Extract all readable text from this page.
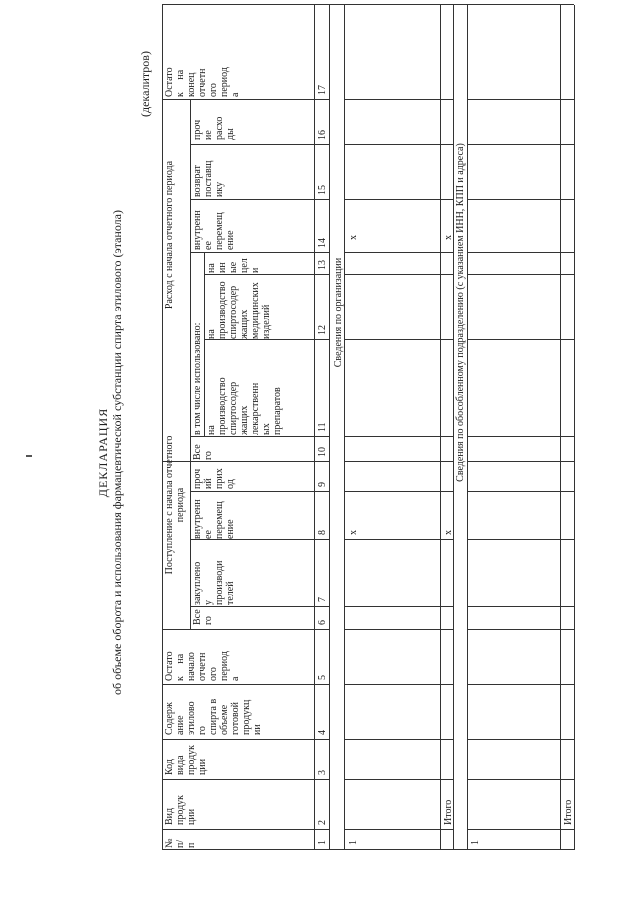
ДЕКЛАРАЦИЯ об объеме оборота и использования фармацевтической субстанции спирта этилового (этанола)
(декалитров)
№
п/
п
Вид
продук
ции
Код
вида
продук
ции
Содерж
ание
этилово
го
спирта в
объеме
готовой
продукц
ии
Остато
к     на
начало
отчетн
ого
период
а
Поступление с начала отчетного
периода
Все
го
закуплено
у
производи
телей
внутренн
ее
перемещ
ение
проч
ий
прих
од
Расход с начала отчетного периода
Все
го
в том числе использовано: на
производство
спиртосодер
жащих
лекарственн
ых
препаратов
на
производство
спиртосодер
жащих
медицинских
изделий
на
ин
ые
цел
и
внутренн
ее
перемещ
ение
возврат
поставщ
ику
проч
ие
расхо
ды
Остато
к     на
конец
отчетн
ого
период
а
1
2
3
4
5
6
7
8
9
10
11
12
13
14
15
16
17
Сведения по организации
1
х
х
Итого
х
х Сведения по обособленному подразделению (с указанием ИНН, КПП и адреса)
1
Итого
